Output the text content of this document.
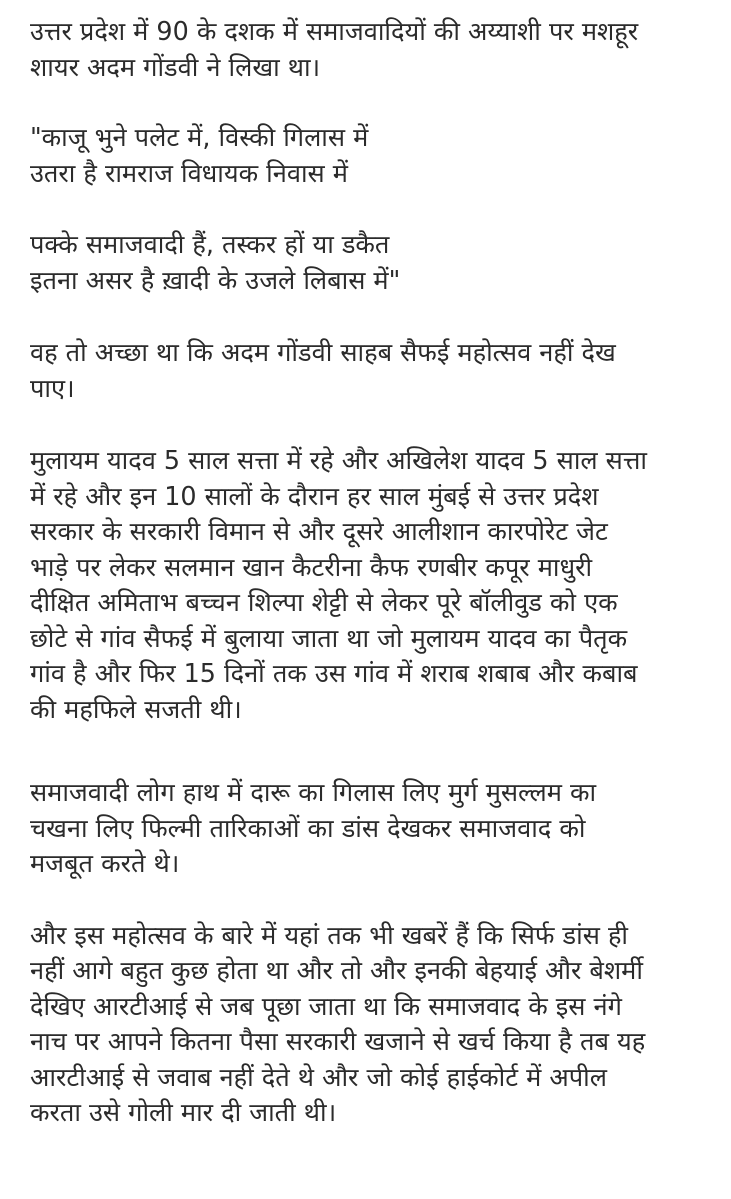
उत्तर प्रदेश में 90 के दशक में समाजवादियों की अय्याशी पर मशहूर
शायर अदम गोंडवी ने लिखा था।

"काजू भुने पलेट में, विस्की गिलास में
उतरा है रामराज विधायक निवास में

पक्के समाजवादी हैं, तस्कर हों या डकैत
इतना असर है ख़ादी के उजले लिबास में"

वह तो अच्छा था कि अदम गोंडवी साहब सैफई महोत्सव नहीं देख
पाए।

मुलायम यादव 5 साल सत्ता में रहे और अखिलेश यादव 5 साल सत्ता
में रहे और इन 10 सालों के दौरान हर साल मुंबई से उत्तर प्रदेश
सरकार के सरकारी विमान से और दूसरे आलीशान कारपोरेट जेट
भाड़े पर लेकर सलमान खान कैटरीना कैफ रणबीर कपूर माधुरी
दीक्षित अमिताभ बच्चन शिल्पा शेट्टी से लेकर पूरे बॉलीवुड को एक
छोटे से गांव सैफई में बुलाया जाता था जो मुलायम यादव का पैतृक
गांव है और फिर 15 दिनों तक उस गांव में शराब शबाब और कबाब
की महफिले सजती थी।

समाजवादी लोग हाथ में दारू का गिलास लिए मुर्ग मुसल्लम का
चखना लिए फिल्मी तारिकाओं का डांस देखकर समाजवाद को
मजबूत करते थे।

और इस महोत्सव के बारे में यहां तक भी खबरें हैं कि सिर्फ डांस ही
नहीं आगे बहुत कुछ होता था और तो और इनकी बेहयाई और बेशर्मी
देखिए आरटीआई से जब पूछा जाता था कि समाजवाद के इस नंगे
नाच पर आपने कितना पैसा सरकारी खजाने से खर्च किया है तब यह
आरटीआई से जवाब नहीं देते थे और जो कोई हाईकोर्ट में अपील
करता उसे गोली मार दी जाती थी।
